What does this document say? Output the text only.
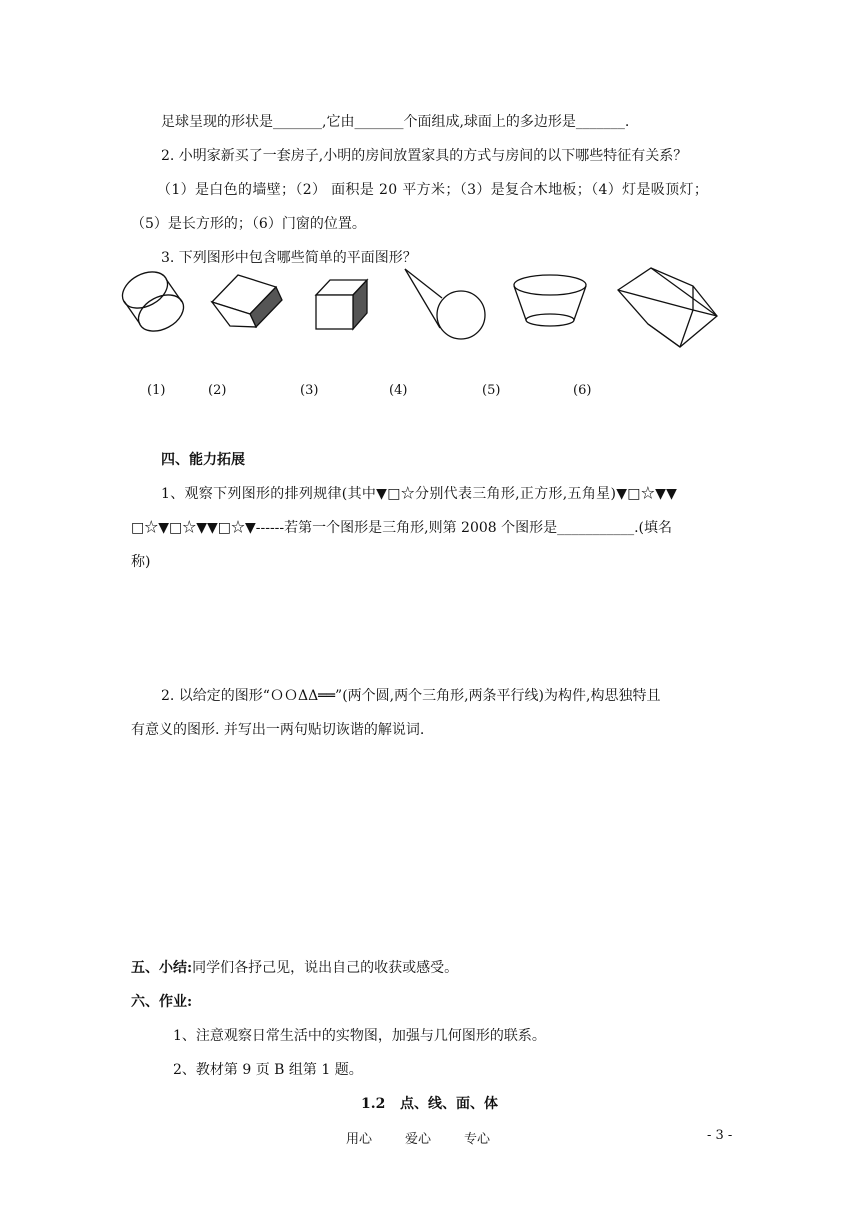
足球呈现的形状是_______,它由_______个面组成,球面上的多边形是_______.
2. 小明家新买了一套房子,小明的房间放置家具的方式与房间的以下哪些特征有关系？
（1）是白色的墙壁；（2） 面积是 20 平方米；（3）是复合木地板；（4）灯是吸顶灯；
（5）是长方形的；（6）门窗的位置。
3. 下列图形中包含哪些简单的平面图形？
(1)	(2)	(3)	(4)	(5)	(6)
四、能力拓展
1、观察下列图形的排列规律(其中▼□☆分别代表三角形,正方形,五角星)▼□☆▼▼
□☆▼□☆▼▼□☆▼------若第一个图形是三角形,则第 2008 个图形是___________.(填名
称)
2. 以给定的图形“ＯＯΔΔ══”(两个圆,两个三角形,两条平行线)为构件,构思独特且
有意义的图形. 并写出一两句贴切诙谐的解说词.
五、小结:同学们各抒己见，说出自己的收获或感受。
六、作业:
1、注意观察日常生活中的实物图，加强与几何图形的联系。
2、教材第 9 页 B 组第 1 题。
1.2   点、线、面、体
用心	爱心	专心	- 3 -
